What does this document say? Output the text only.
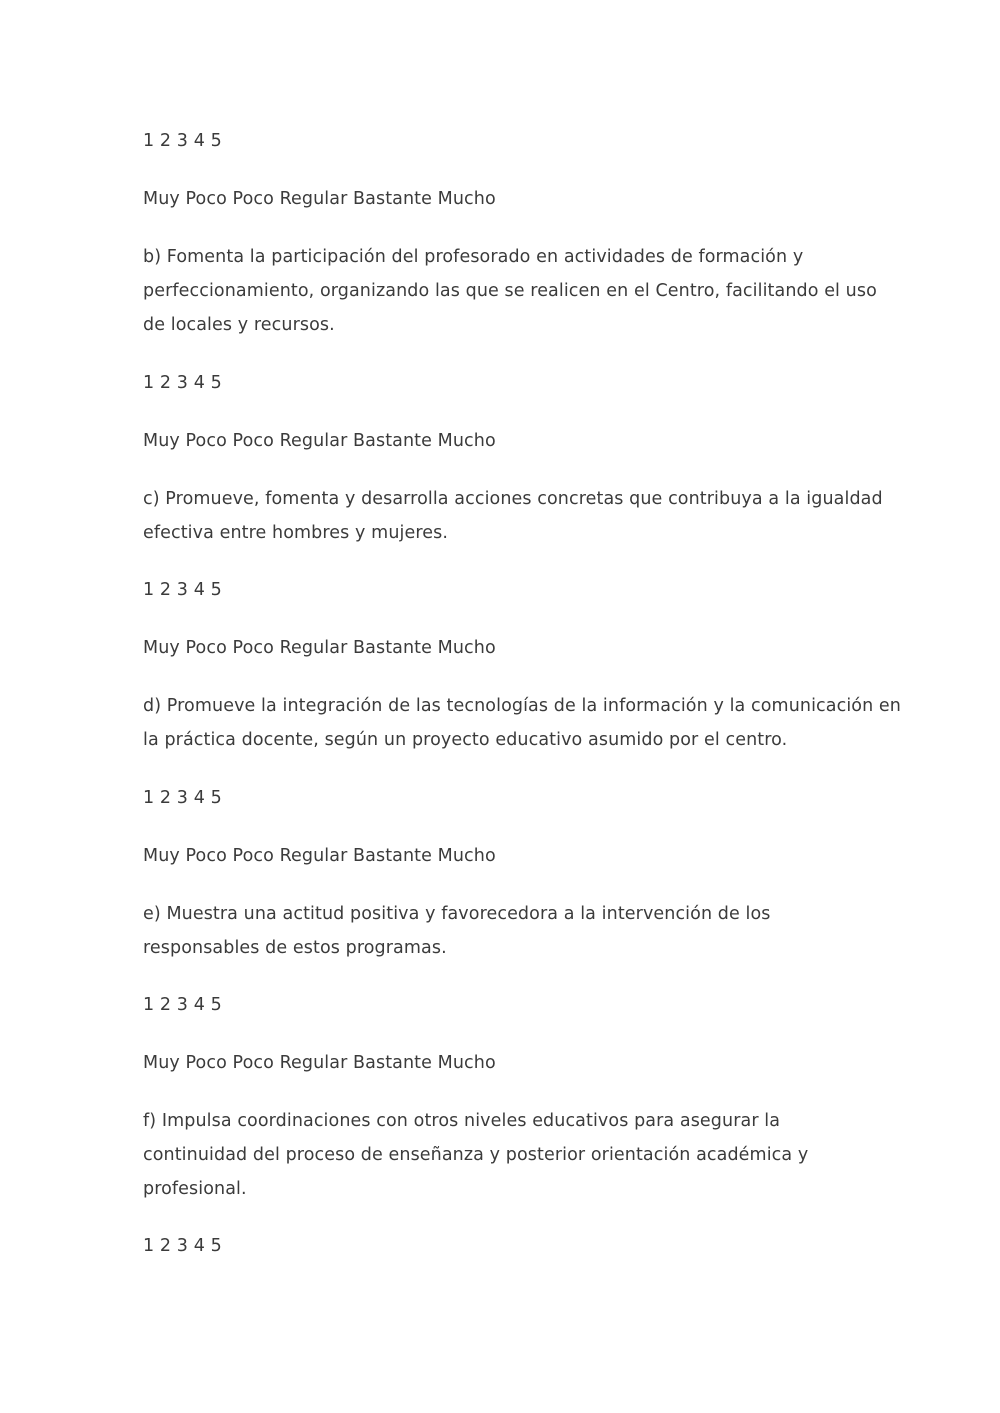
1 2 3 4 5

Muy Poco Poco Regular Bastante Mucho

b) Fomenta la participación del profesorado en actividades de formación y

perfeccionamiento, organizando las que se realicen en el Centro, facilitando el uso

de locales y recursos.

1 2 3 4 5

Muy Poco Poco Regular Bastante Mucho

c) Promueve, fomenta y desarrolla acciones concretas que contribuya a la igualdad

efectiva entre hombres y mujeres.

1 2 3 4 5

Muy Poco Poco Regular Bastante Mucho

d) Promueve la integración de las tecnologías de la información y la comunicación en

la práctica docente, según un proyecto educativo asumido por el centro.

1 2 3 4 5

Muy Poco Poco Regular Bastante Mucho

e) Muestra una actitud positiva y favorecedora a la intervención de los

responsables de estos programas.

1 2 3 4 5

Muy Poco Poco Regular Bastante Mucho

f) Impulsa coordinaciones con otros niveles educativos para asegurar la

continuidad del proceso de enseñanza y posterior orientación académica y

profesional.

1 2 3 4 5
